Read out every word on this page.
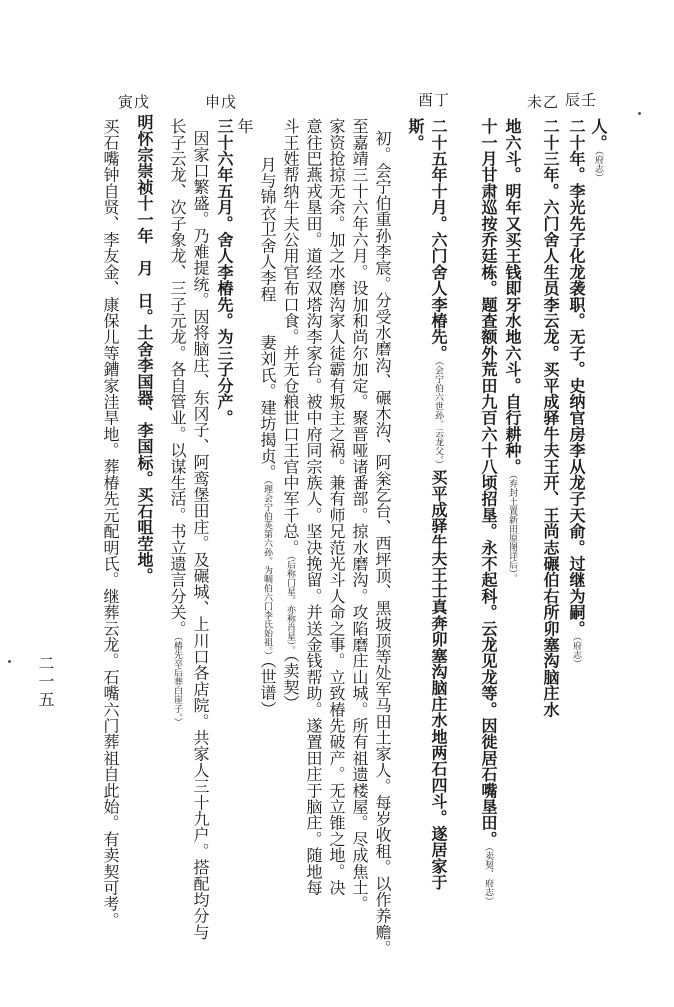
辰壬
未乙
酉丁
申戊
寅戊
人。（府志）
二十年。李光先子化龙袭职。无子。史纳官房李从龙子天俞。过继为嗣。（府志）
二十三年。六门舍人生员李云龙。买平成驿牛夫王开、王尚志碾伯右所卯塞沟脑庄水
地六斗。明年又买王钱即牙水地六斗。自行耕种。（弃封土置新田原图详后）。
十一月甘肃巡按乔廷栋。题查额外荒田九百六十八顷招垦。永不起科。云龙见龙等。因徙居石嘴垦田。（卖契、府志）
二十五年十月。六门舍人李椿先。（会宁伯六世孙。云龙父。）买平成驿牛夫王士真奔卯塞沟脑庄水地两石四斗。遂居家于
斯。
初。会宁伯重孙李宸。分受水磨沟、碾木沟、阿枀乞台、西坪顶、黑坡顶等处军马田土家人。每岁收租。以作养赡。
至嘉靖三十六年六月。设加和尚尔加定。聚晋哑诸番部。掠水磨沟。攻陷磨庄山城。所有祖遗楼屋。尽成焦土。
家资抢掠无余。加之水磨沟家人徒霸有叛主之祸。兼有师兄范光斗人命之事。立致椿先破产。无立锥之地。决
意往巴燕戎垦田。道经双塔沟李家台。被中府同宗族人。坚决挽留。并送金钱帮助。遂置田庄于脑庄。随地每
斗王姓帮纳牛夫公用官布口食。并无仓粮世口王官中军千总。（后称门星。亦称肖星）。（卖契）
　月与锦衣卫舍人李程　　妻刘氏。建坊揭贞。（理会宁伯英第六孙。为啁伯六门李氏始祖。）（世谱）
年
三十六年五月。舍人李椿先。为三子分产。
因家口繁盛。乃难提统。因将脑庄、东冈子、阿鸾堡田庄。及碾城、上川口各店院。共家人三十九户。搭配均分与
长子云龙、次子象龙、三子元龙。各自管业。以谋生活。书立遗言分关。（椿先卒后葬白崖子。）
明怀宗崇祯十一年　月　日。土舍李国器、李国标。买石咀茔地。
买石嘴钟自贤、李友金、康保儿等鏪家洼旱地。葬椿先元配明氏。继葬云龙。石嘴六门葬祖自此始。有卖契可考。
二一五
